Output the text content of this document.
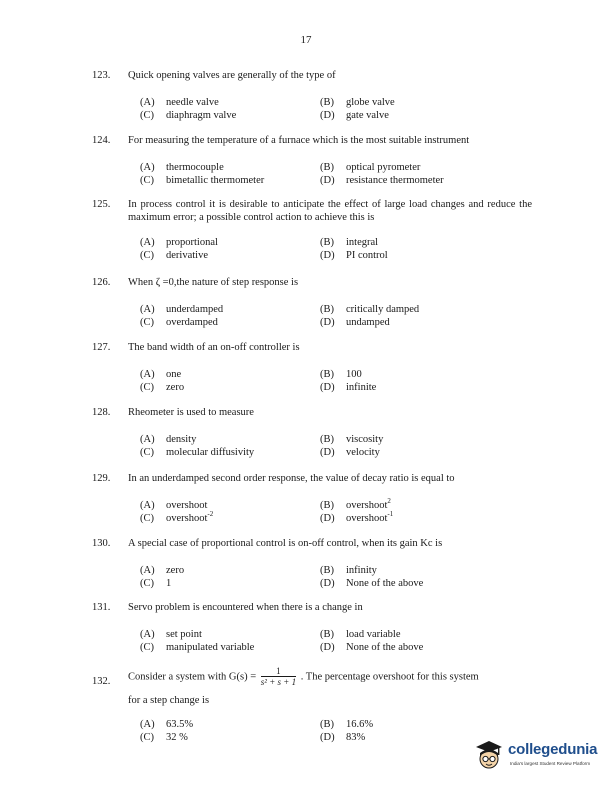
17
123. Quick opening valves are generally of the type of
(A) needle valve	(B) globe valve
(C) diaphragm valve	(D) gate valve
124. For measuring the temperature of a furnace which is the most suitable instrument
(A) thermocouple	(B) optical pyrometer
(C) bimetallic thermometer	(D) resistance thermometer
125. In process control it is desirable to anticipate the effect of large load changes and reduce the maximum error; a possible control action to achieve this is
(A) proportional	(B) integral
(C) derivative	(D) PI control
126. When ζ =0,the nature of step response is
(A) underdamped	(B) critically damped
(C) overdamped	(D) undamped
127. The band width of an on-off controller is
(A) one	(B) 100
(C) zero	(D) infinite
128. Rheometer is used to measure
(A) density	(B) viscosity
(C) molecular diffusivity	(D) velocity
129. In an underdamped second order response, the value of decay ratio is equal to
(A) overshoot	(B) overshoot$^2$
(C) overshoot$^{-2}$	(D) overshoot$^{-1}$
130. A special case of proportional control is on-off control, when its gain Kc is
(A) zero	(B) infinity
(C) 1	(D) None of the above
131. Servo problem is encountered when there is a change in
(A) set point	(B) load variable
(C) manipulated variable	(D) None of the above
132. Consider a system with $G(s) = \frac{1}{\text{s² + s + 1}}$ . The percentage overshoot for this system
for a step change is
(A) 63.5%	(B) 16.6%
(C) 32 %	(D) 83%
collegedunia
India's largest Student Review Platform
